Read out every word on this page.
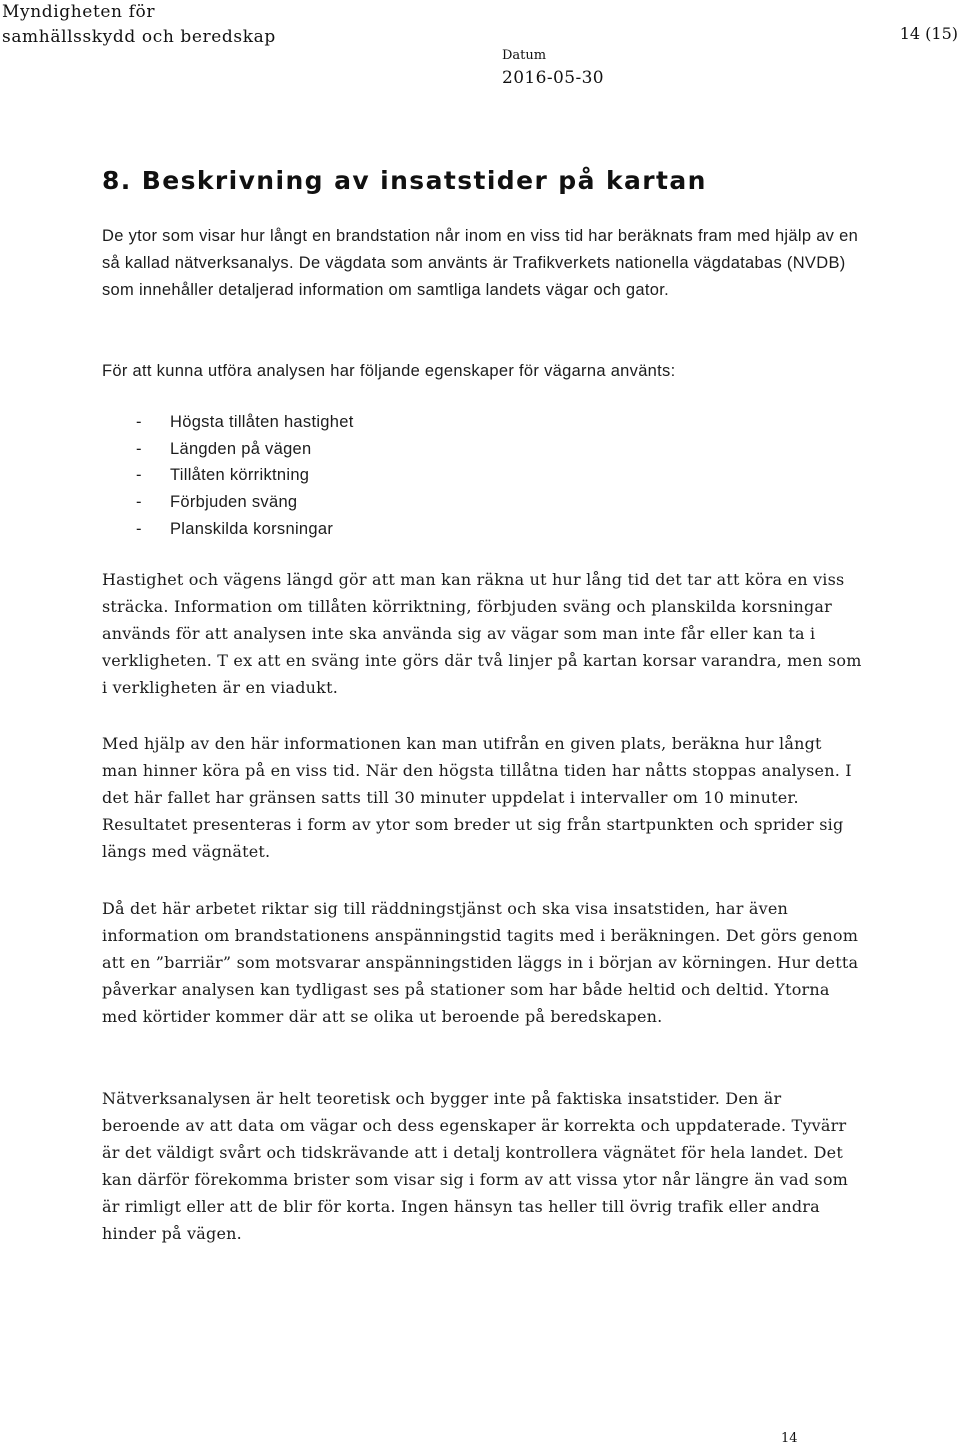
Myndigheten för
samhällsskydd och beredskap	14 (15)
Datum
2016-05-30
8. Beskrivning av insatstider på kartan

De ytor som visar hur långt en brandstation når inom en viss tid har beräknats fram med hjälp av en så kallad nätverksanalys. De vägdata som använts är Trafikverkets nationella vägdatabas (NVDB) som innehåller detaljerad information om samtliga landets vägar och gator.

För att kunna utföra analysen har följande egenskaper för vägarna använts:

- Högsta tillåten hastighet
- Längden på vägen
- Tillåten körriktning
- Förbjuden sväng
- Planskilda korsningar

Hastighet och vägens längd gör att man kan räkna ut hur lång tid det tar att köra en viss sträcka. Information om tillåten körriktning, förbjuden sväng och planskilda korsningar används för att analysen inte ska använda sig av vägar som man inte får eller kan ta i verkligheten. T ex att en sväng inte görs där två linjer på kartan korsar varandra, men som i verkligheten är en viadukt.

Med hjälp av den här informationen kan man utifrån en given plats, beräkna hur långt man hinner köra på en viss tid. När den högsta tillåtna tiden har nåtts stoppas analysen. I det här fallet har gränsen satts till 30 minuter uppdelat i intervaller om 10 minuter. Resultatet presenteras i form av ytor som breder ut sig från startpunkten och sprider sig längs med vägnätet.

Då det här arbetet riktar sig till räddningstjänst och ska visa insatstiden, har även information om brandstationens anspänningstid tagits med i beräkningen. Det görs genom att en ”barriär” som motsvarar anspänningstiden läggs in i början av körningen. Hur detta påverkar analysen kan tydligast ses på stationer som har både heltid och deltid. Ytorna med körtider kommer där att se olika ut beroende på beredskapen.

Nätverksanalysen är helt teoretisk och bygger inte på faktiska insatstider. Den är beroende av att data om vägar och dess egenskaper är korrekta och uppdaterade. Tyvärr är det väldigt svårt och tidskrävande att i detalj kontrollera vägnätet för hela landet. Det kan därför förekomma brister som visar sig i form av att vissa ytor når längre än vad som är rimligt eller att de blir för korta. Ingen hänsyn tas heller till övrig trafik eller andra hinder på vägen.

14
